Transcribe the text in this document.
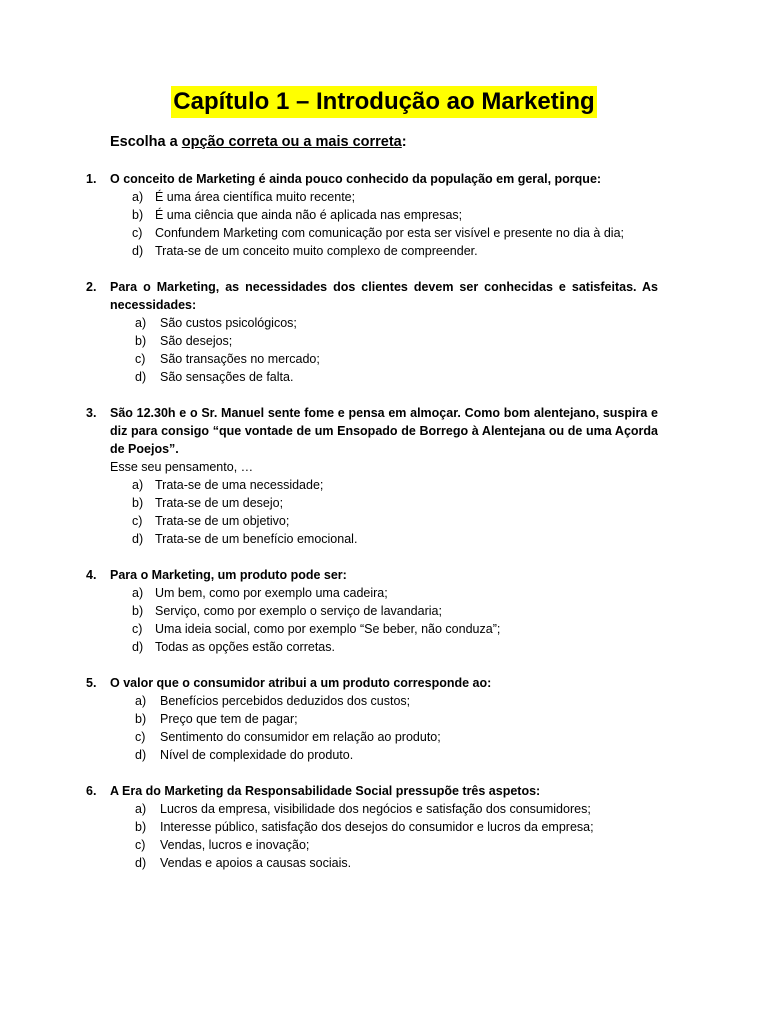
Capítulo 1 – Introdução ao Marketing
Escolha a opção correta ou a mais correta:
1. O conceito de Marketing é ainda pouco conhecido da população em geral, porque:
a) É uma área científica muito recente;
b) É uma ciência que ainda não é aplicada nas empresas;
c) Confundem Marketing com comunicação por esta ser visível e presente no dia à dia;
d) Trata-se de um conceito muito complexo de compreender.
2. Para o Marketing, as necessidades dos clientes devem ser conhecidas e satisfeitas. As necessidades:
a) São custos psicológicos;
b) São desejos;
c) São transações no mercado;
d) São sensações de falta.
3. São 12.30h e o Sr. Manuel sente fome e pensa em almoçar. Como bom alentejano, suspira e diz para consigo “que vontade de um Ensopado de Borrego à Alentejana ou de uma Açorda de Poejos”.
Esse seu pensamento, …
a) Trata-se de uma necessidade;
b) Trata-se de um desejo;
c) Trata-se de um objetivo;
d) Trata-se de um benefício emocional.
4. Para o Marketing, um produto pode ser:
a) Um bem, como por exemplo uma cadeira;
b) Serviço, como por exemplo o serviço de lavandaria;
c) Uma ideia social, como por exemplo “Se beber, não conduza”;
d) Todas as opções estão corretas.
5. O valor que o consumidor atribui a um produto corresponde ao:
a) Benefícios percebidos deduzidos dos custos;
b) Preço que tem de pagar;
c) Sentimento do consumidor em relação ao produto;
d) Nível de complexidade do produto.
6. A Era do Marketing da Responsabilidade Social pressupõe três aspetos:
a) Lucros da empresa, visibilidade dos negócios e satisfação dos consumidores;
b) Interesse público, satisfação dos desejos do consumidor e lucros da empresa;
c) Vendas, lucros e inovação;
d) Vendas e apoios a causas sociais.
